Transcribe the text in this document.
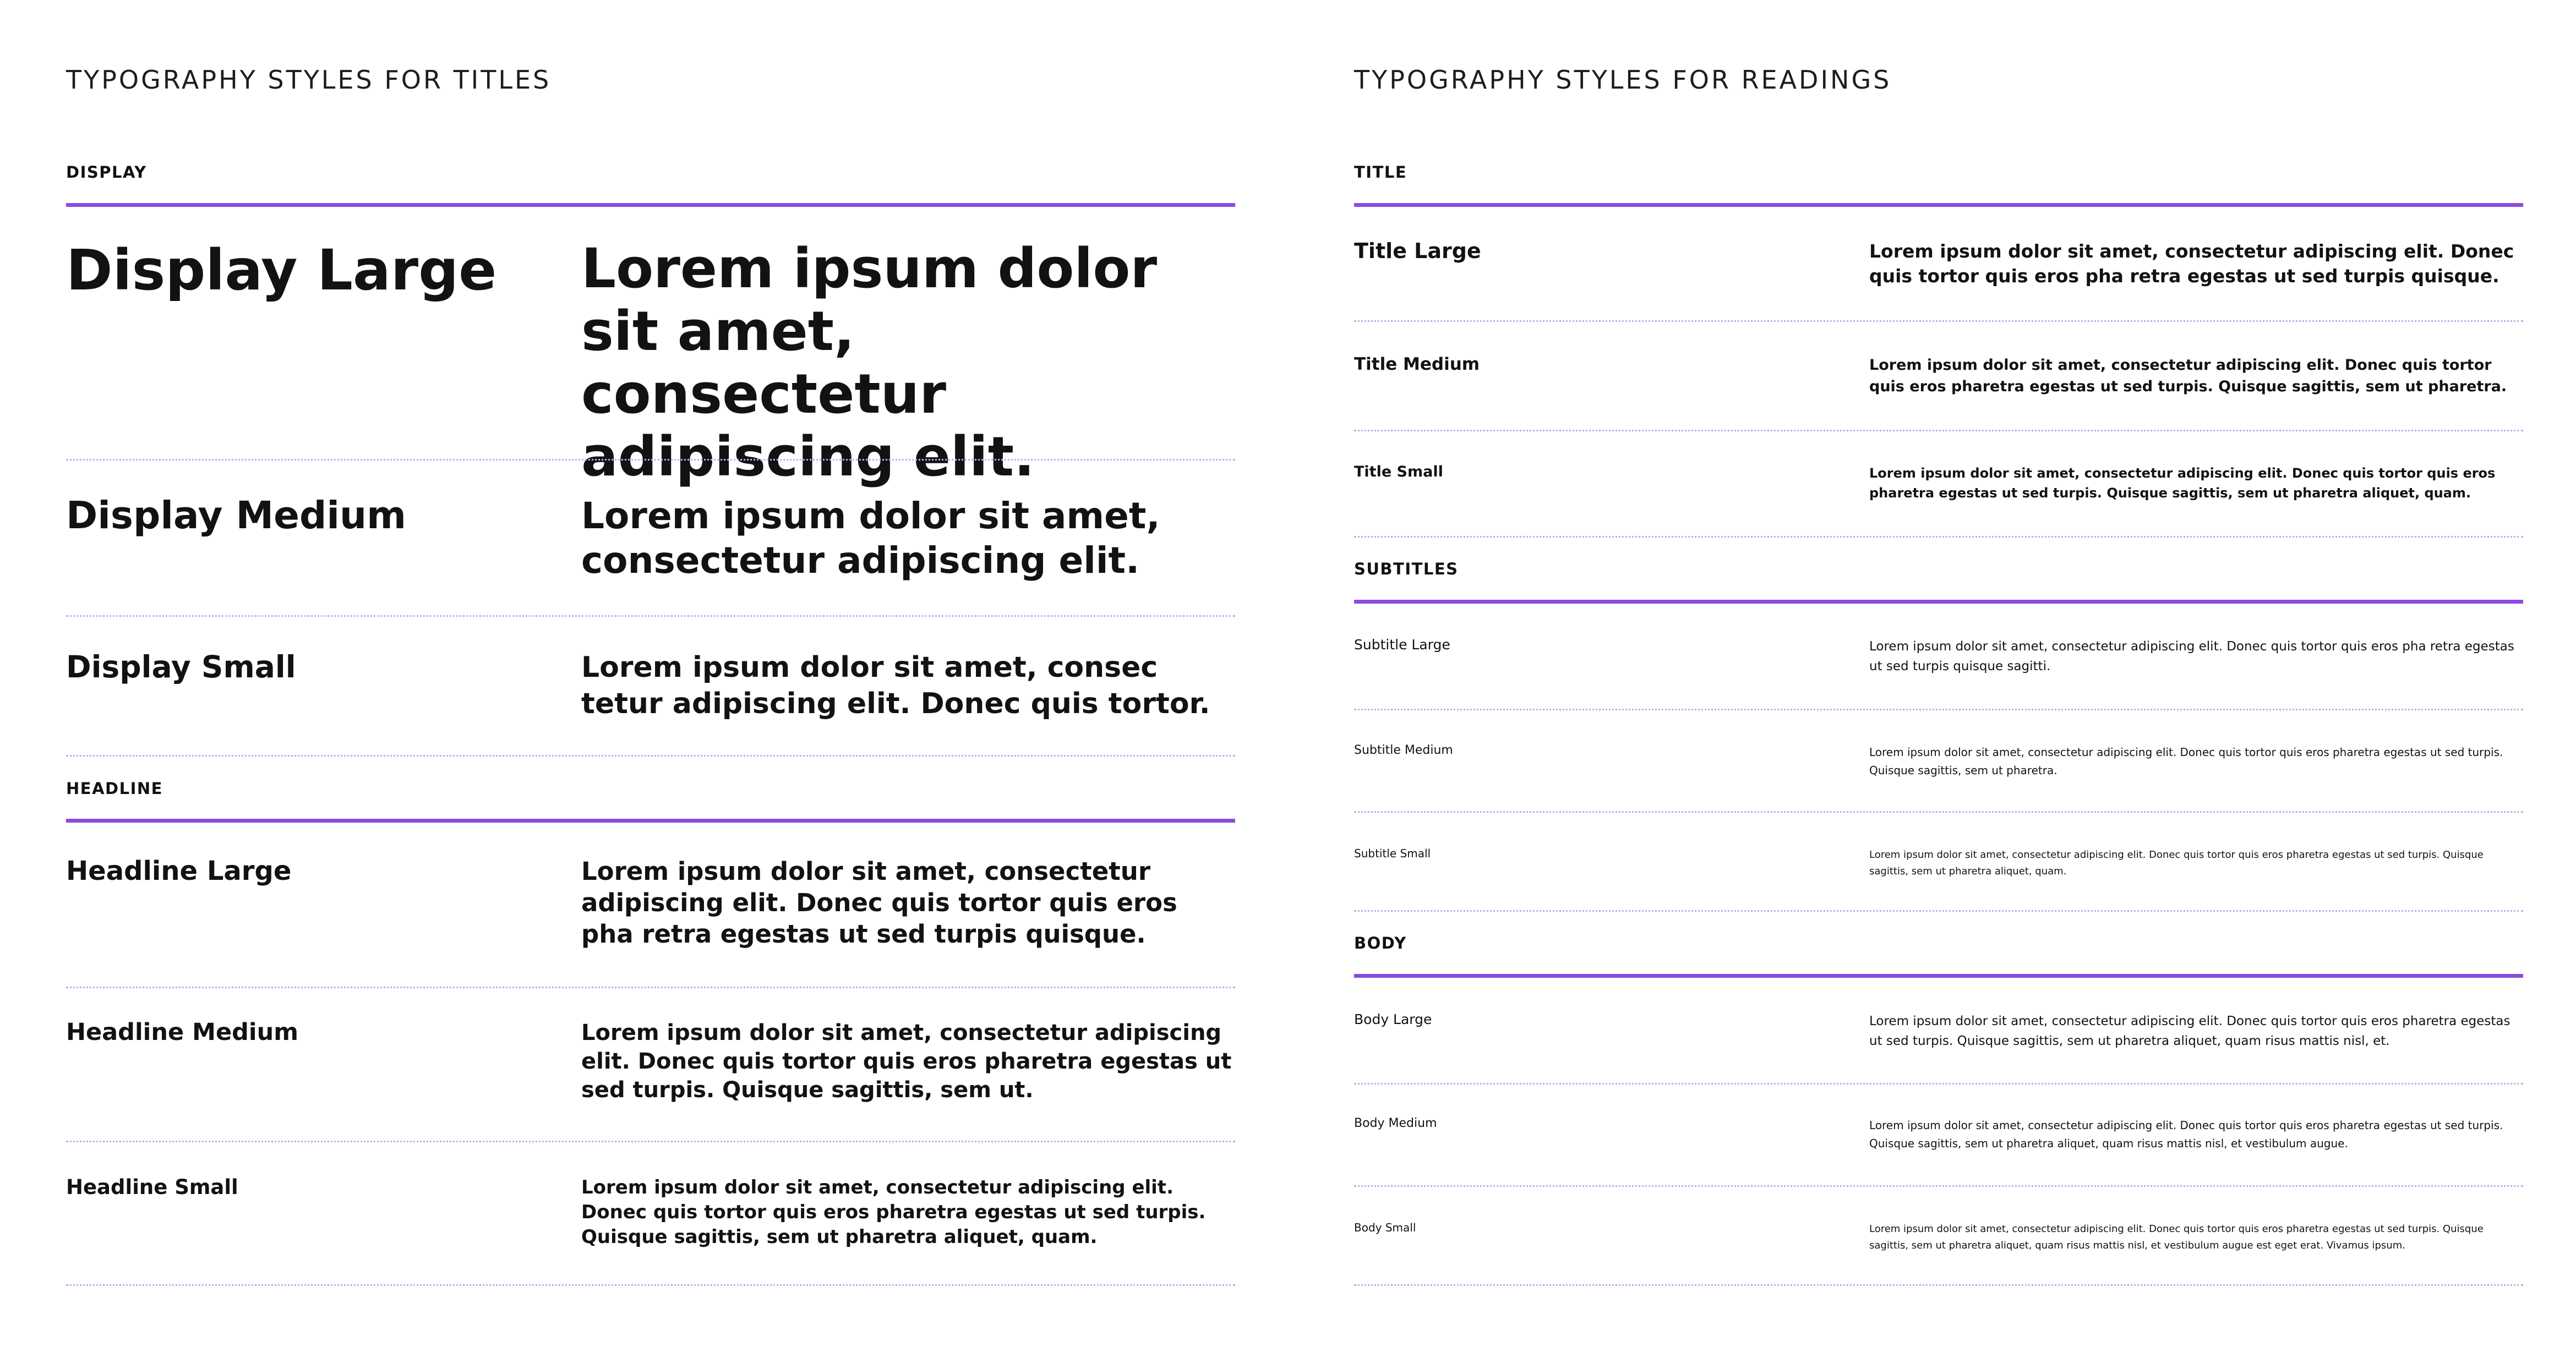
TYPOGRAPHY STYLES FOR TITLES
DISPLAY
Display Large Lorem ipsum dolor sit amet, consectetur adipiscing elit.
Display Medium	Lorem ipsum dolor sit amet, consectetur adipiscing elit.
Display Small	Lorem ipsum dolor sit amet, consec tetur adipiscing elit. Donec quis tortor.
HEADLINE
Headline Large	Lorem ipsum dolor sit amet, consectetur adipiscing elit. Donec quis tortor quis eros pha retra egestas ut sed turpis quisque.
Headline Medium	Lorem ipsum dolor sit amet, consectetur adipiscing elit. Donec quis tortor quis eros pharetra egestas ut sed turpis. Quisque sagittis, sem ut.
Headline Small	Lorem ipsum dolor sit amet, consectetur adipiscing elit. Donec quis tortor quis eros pharetra egestas ut sed turpis. Quisque sagittis, sem ut pharetra aliquet, quam.
TYPOGRAPHY STYLES FOR READINGS
TITLE
Title Large	Lorem ipsum dolor sit amet, consectetur adipiscing elit. Donec quis tortor quis eros pha retra egestas ut sed turpis quisque.
Title Medium	Lorem ipsum dolor sit amet, consectetur adipiscing elit. Donec quis tortor quis eros pharetra egestas ut sed turpis. Quisque sagittis, sem ut pharetra.
Title Small	Lorem ipsum dolor sit amet, consectetur adipiscing elit. Donec quis tortor quis eros pharetra egestas ut sed turpis. Quisque sagittis, sem ut pharetra aliquet, quam.
SUBTITLES
Subtitle Large	Lorem ipsum dolor sit amet, consectetur adipiscing elit. Donec quis tortor quis eros pha retra egestas ut sed turpis quisque sagitti.
Subtitle Medium	Lorem ipsum dolor sit amet, consectetur adipiscing elit. Donec quis tortor quis eros pharetra egestas ut sed turpis. Quisque sagittis, sem ut pharetra.
Subtitle Small	Lorem ipsum dolor sit amet, consectetur adipiscing elit. Donec quis tortor quis eros pharetra egestas ut sed turpis. Quisque sagittis, sem ut pharetra aliquet, quam.
BODY
Body Large	Lorem ipsum dolor sit amet, consectetur adipiscing elit. Donec quis tortor quis eros pharetra egestas ut sed turpis. Quisque sagittis, sem ut pharetra aliquet, quam risus mattis nisl, et.
Body Medium	Lorem ipsum dolor sit amet, consectetur adipiscing elit. Donec quis tortor quis eros pharetra egestas ut sed turpis. Quisque sagittis, sem ut pharetra aliquet, quam risus mattis nisl, et vestibulum augue.
Body Small	Lorem ipsum dolor sit amet, consectetur adipiscing elit. Donec quis tortor quis eros pharetra egestas ut sed turpis. Quisque sagittis, sem ut pharetra aliquet, quam risus mattis nisl, et vestibulum augue est eget erat. Vivamus ipsum.
